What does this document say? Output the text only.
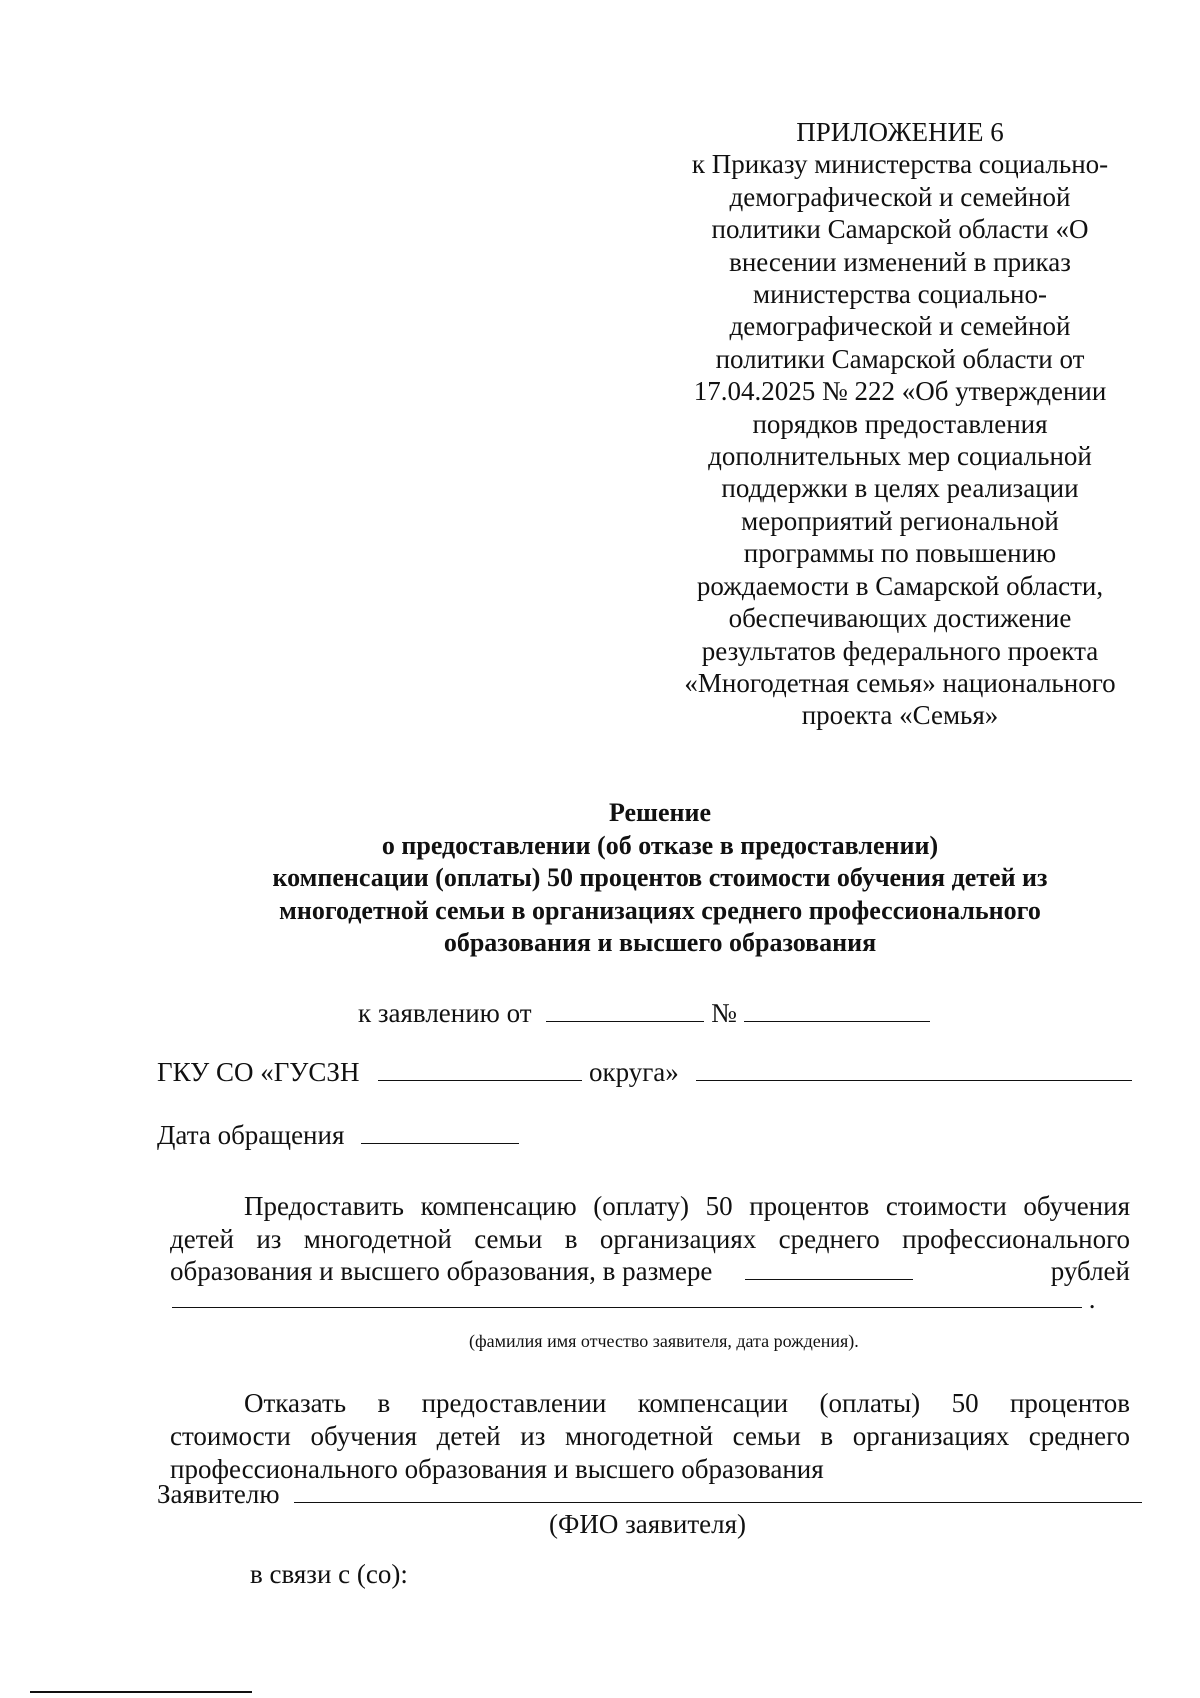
ПРИЛОЖЕНИЕ 6
к Приказу министерства социально-
демографической и семейной
политики Самарской области «О
внесении изменений в приказ
министерства социально-
демографической и семейной
политики Самарской области от
17.04.2025 № 222 «Об утверждении
порядков предоставления
дополнительных мер социальной
поддержки в целях реализации
мероприятий региональной
программы по повышению
рождаемости в Самарской области,
обеспечивающих достижение
результатов федерального проекта
«Многодетная семья» национального
проекта «Семья»
Решение
о предоставлении (об отказе в предоставлении)
компенсации (оплаты) 50 процентов стоимости обучения детей из
многодетной семьи в организациях среднего профессионального
образования и высшего образования
к заявлению от	№
ГКУ СО «ГУСЗН	округа»
Дата обращения
Предоставить компенсацию (оплату) 50 процентов стоимости обучения
детей из многодетной семьи в организациях среднего профессионального
образования и высшего образования, в размере	рублей
.
(фамилия имя отчество заявителя, дата рождения).
Отказать в предоставлении компенсации (оплаты) 50 процентов
стоимости обучения детей из многодетной семьи в организациях среднего
профессионального образования и высшего образования
Заявителю
(ФИО заявителя)
в связи с (со):
